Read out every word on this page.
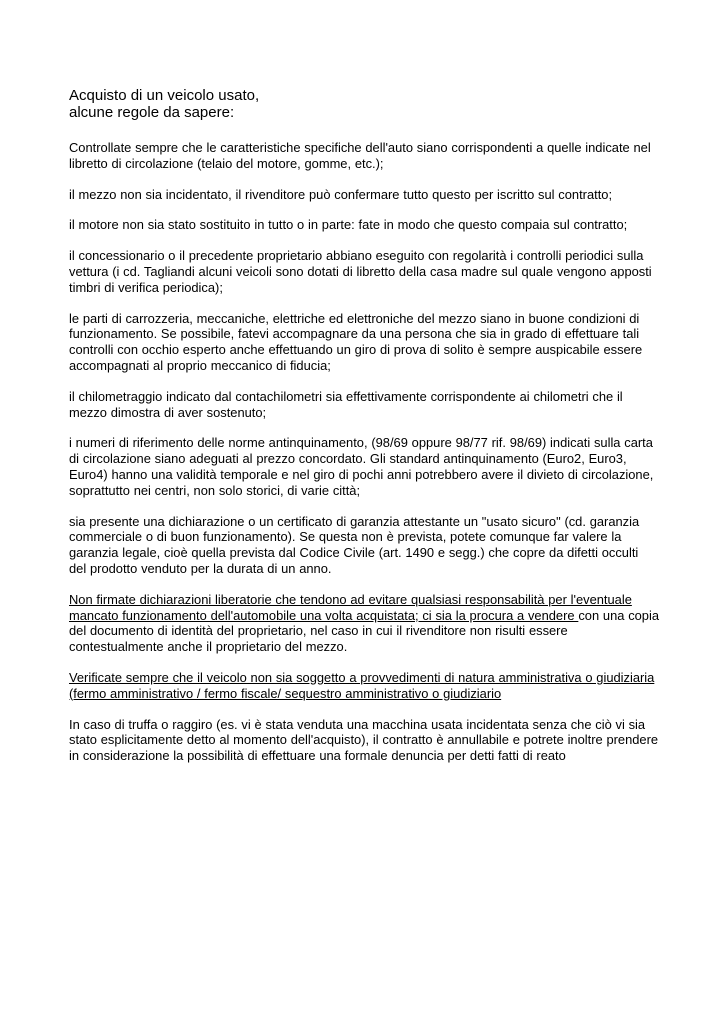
Acquisto di un veicolo usato,
alcune regole da sapere:

Controllate sempre che le caratteristiche specifiche dell'auto siano corrispondenti a quelle indicate nel libretto di circolazione (telaio del motore, gomme, etc.);

il mezzo non sia incidentato, il rivenditore può confermare tutto questo per iscritto sul contratto;

il motore non sia stato sostituito in tutto o in parte: fate in modo che questo compaia sul contratto;

il concessionario o il precedente proprietario abbiano eseguito con regolarità i controlli periodici sulla vettura (i cd. Tagliandi alcuni veicoli sono dotati di libretto della casa madre sul quale vengono apposti timbri di verifica periodica);

le parti di carrozzeria, meccaniche, elettriche ed elettroniche del mezzo siano in buone condizioni di funzionamento. Se possibile, fatevi accompagnare da una persona che sia in grado di effettuare tali controlli con occhio esperto anche effettuando un giro di prova di solito è sempre auspicabile essere accompagnati al proprio meccanico di fiducia;

il chilometraggio indicato dal contachilometri sia effettivamente corrispondente ai chilometri che il mezzo dimostra di aver sostenuto;

i numeri di riferimento delle norme antinquinamento, (98/69 oppure 98/77 rif. 98/69) indicati sulla carta di circolazione siano adeguati al prezzo concordato. Gli standard antinquinamento (Euro2, Euro3, Euro4) hanno una validità temporale e nel giro di pochi anni potrebbero avere il divieto di circolazione, soprattutto nei centri, non solo storici, di varie città;

sia presente una dichiarazione o un certificato di garanzia attestante un "usato sicuro" (cd. garanzia commerciale o di buon funzionamento). Se questa non è prevista, potete comunque far valere la garanzia legale, cioè quella prevista dal Codice Civile (art. 1490 e segg.) che copre da difetti occulti del prodotto venduto per la durata di un anno.

Non firmate dichiarazioni liberatorie che tendono ad evitare qualsiasi responsabilità per l'eventuale mancato funzionamento dell'automobile una volta acquistata; ci sia la procura a vendere con una copia del documento di identità del proprietario, nel caso in cui il rivenditore non risulti essere contestualmente anche il proprietario del mezzo.

Verificate sempre che il veicolo non sia soggetto a provvedimenti di natura amministrativa o giudiziaria (fermo amministrativo / fermo fiscale/ sequestro amministrativo o giudiziario

In caso di truffa o raggiro (es. vi è stata venduta una macchina usata incidentata senza che ciò vi sia stato esplicitamente detto al momento dell'acquisto), il contratto è annullabile e potrete inoltre prendere in considerazione la possibilità di effettuare una formale denuncia per detti fatti di reato
